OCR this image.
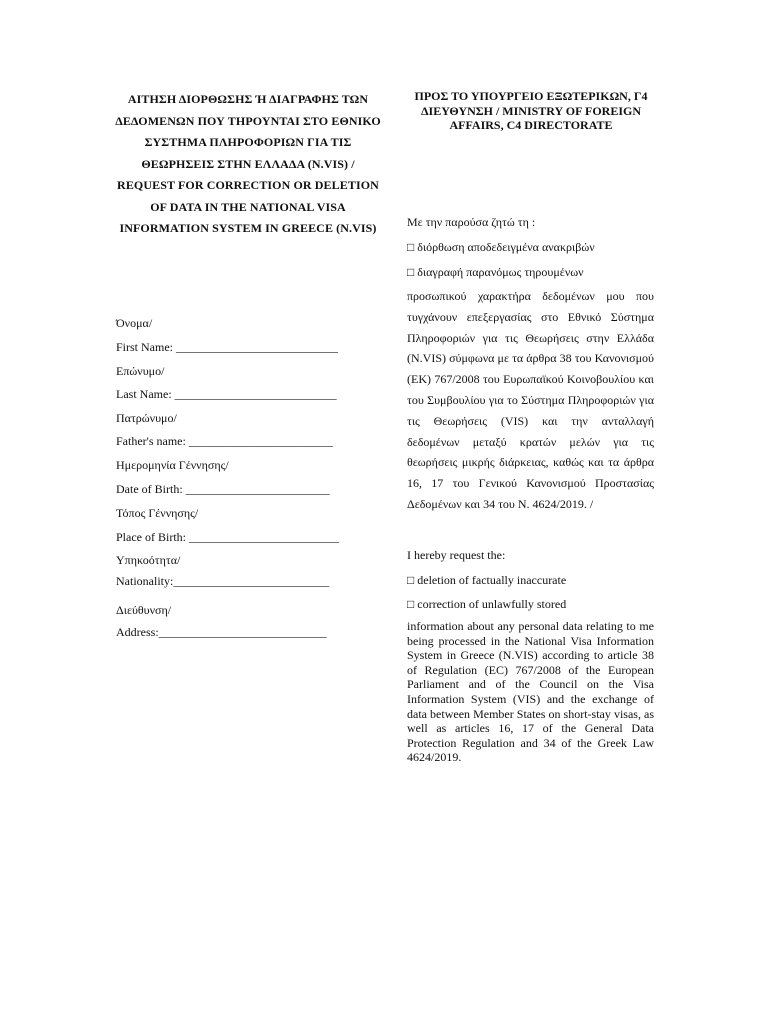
ΑΙΤΗΣΗ ΔΙΟΡΘΩΣΗΣ Ή ΔΙΑΓΡΑΦΗΣ ΤΩΝ ΔΕΔΟΜΕΝΩΝ ΠΟΥ ΤΗΡΟΥΝΤΑΙ ΣΤΟ ΕΘΝΙΚΟ ΣΥΣΤΗΜΑ ΠΛΗΡΟΦΟΡΙΩΝ ΓΙΑ ΤΙΣ ΘΕΩΡΗΣΕΙΣ ΣΤΗΝ ΕΛΛΑΔΑ (N.VIS) / REQUEST FOR CORRECTION OR DELETION OF DATA IN THE NATIONAL VISA INFORMATION SYSTEM IN GREECE (N.VIS)
ΠΡΟΣ ΤΟ ΥΠΟΥΡΓΕΙΟ ΕΞΩΤΕΡΙΚΩΝ, Γ4 ΔΙΕΥΘΥΝΣΗ / MINISTRY OF FOREIGN AFFAIRS, C4 DIRECTORATE
Όνομα/
First Name: ___________________________
Επώνυμο/
Last Name: ___________________________
Πατρώνυμο/
Father's name: ________________________
Ημερομηνία Γέννησης/
Date of Birth: ________________________
Τόπος Γέννησης/
Place of Birth: _________________________
Υπηκοότητα/
Nationality:__________________________
Διεύθυνση/
Address:____________________________
Με την παρούσα ζητώ τη :
□ διόρθωση αποδεδειγμένα ανακριβών
□ διαγραφή παρανόμως τηρουμένων
προσωπικού χαρακτήρα δεδομένων μου που τυγχάνουν επεξεργασίας στο Εθνικό Σύστημα Πληροφοριών για τις Θεωρήσεις στην Ελλάδα (N.VIS) σύμφωνα με τα άρθρα 38 του Κανονισμού (ΕΚ) 767/2008 του Ευρωπαϊκού Κοινοβουλίου και του Συμβουλίου για το Σύστημα Πληροφοριών για τις Θεωρήσεις (VIS) και την ανταλλαγή δεδομένων μεταξύ κρατών μελών για τις θεωρήσεις μικρής διάρκειας, καθώς και τα άρθρα 16, 17 του Γενικού Κανονισμού Προστασίας Δεδομένων και 34 του Ν. 4624/2019. /
I hereby request the:
□ deletion of factually inaccurate
□ correction of unlawfully stored
information about any personal data relating to me being processed in the National Visa Information System in Greece (N.VIS) according to article 38 of Regulation (EC) 767/2008 of the European Parliament and of the Council on the Visa Information System (VIS) and the exchange of data between Member States on short-stay visas, as well as articles 16, 17 of the General Data Protection Regulation and 34 of the Greek Law 4624/2019.
